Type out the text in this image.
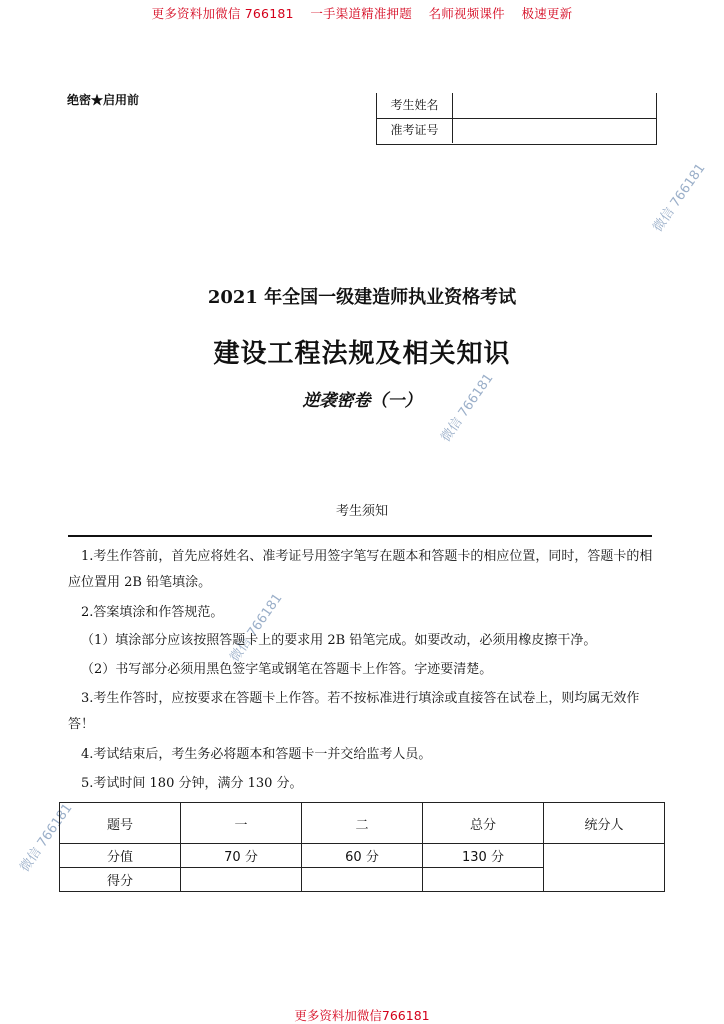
更多资料加微信 766181    一手渠道精准押题    名师视频课件    极速更新
绝密★启用前	考生姓名
准考证号
微信 766181
微信 766181
微信 766181
微信 766181
2021 年全国一级建造师执业资格考试
建设工程法规及相关知识
逆袭密卷（一）
考生须知
1.考生作答前，首先应将姓名、准考证号用签字笔写在题本和答题卡的相应位置，同时，答题卡的相应位置用 2B 铅笔填涂。
2.答案填涂和作答规范。
（1）填涂部分应该按照答题卡上的要求用 2B 铅笔完成。如要改动，必须用橡皮擦干净。
（2）书写部分必须用黑色签字笔或钢笔在答题卡上作答。字迹要清楚。
3.考生作答时，应按要求在答题卡上作答。若不按标准进行填涂或直接答在试卷上，则均属无效作答！
4.考试结束后，考生务必将题本和答题卡一并交给监考人员。
5.考试时间 180 分钟，满分 130 分。
题号	一	二	总分	统分人
分值	70 分	60 分	130 分	
得分				
更多资料加微信766181
